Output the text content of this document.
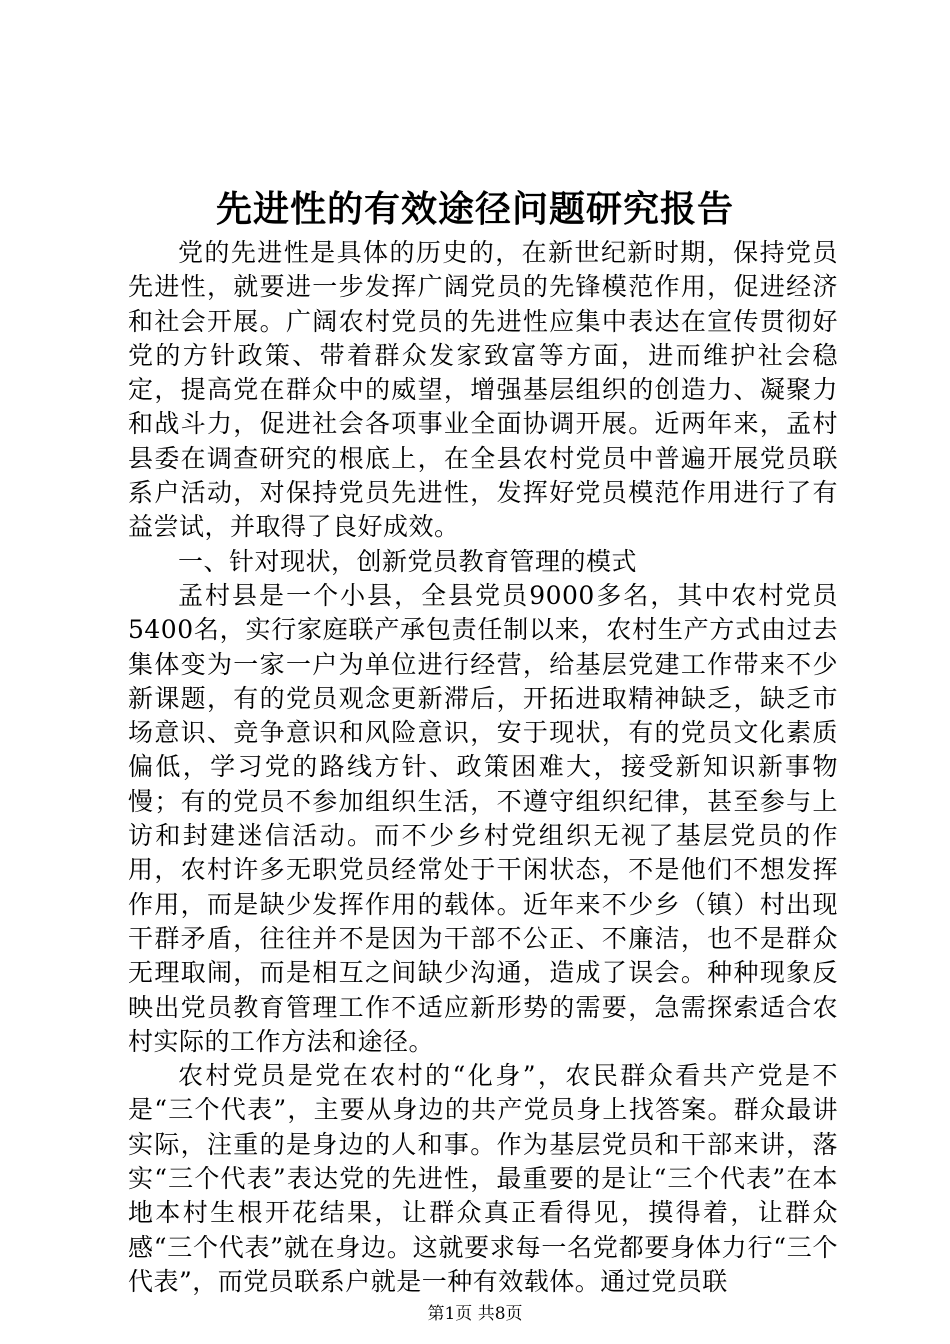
先进性的有效途径问题研究报告

党的先进性是具体的历史的，在新世纪新时期，保持党员先进性，就要进一步发挥广阔党员的先锋模范作用，促进经济和社会开展。广阔农村党员的先进性应集中表达在宣传贯彻好党的方针政策、带着群众发家致富等方面，进而维护社会稳定，提高党在群众中的威望，增强基层组织的创造力、凝聚力和战斗力，促进社会各项事业全面协调开展。近两年来，孟村县委在调查研究的根底上，在全县农村党员中普遍开展党员联系户活动，对保持党员先进性，发挥好党员模范作用进行了有益尝试，并取得了良好成效。

一、针对现状，创新党员教育管理的模式

孟村县是一个小县，全县党员9000多名，其中农村党员5400名，实行家庭联产承包责任制以来，农村生产方式由过去集体变为一家一户为单位进行经营，给基层党建工作带来不少新课题，有的党员观念更新滞后，开拓进取精神缺乏，缺乏市场意识、竞争意识和风险意识，安于现状，有的党员文化素质偏低，学习党的路线方针、政策困难大，接受新知识新事物慢；有的党员不参加组织生活，不遵守组织纪律，甚至参与上访和封建迷信活动。而不少乡村党组织无视了基层党员的作用，农村许多无职党员经常处于干闲状态，不是他们不想发挥作用，而是缺少发挥作用的载体。近年来不少乡（镇）村出现干群矛盾，往往并不是因为干部不公正、不廉洁，也不是群众无理取闹，而是相互之间缺少沟通，造成了误会。种种现象反映出党员教育管理工作不适应新形势的需要，急需探索适合农村实际的工作方法和途径。

农村党员是党在农村的“化身”，农民群众看共产党是不是“三个代表”，主要从身边的共产党员身上找答案。群众最讲实际，注重的是身边的人和事。作为基层党员和干部来讲，落实“三个代表”表达党的先进性，最重要的是让“三个代表”在本地本村生根开花结果，让群众真正看得见，摸得着，让群众感“三个代表”就在身边。这就要求每一名党都要身体力行“三个代表”，而党员联系户就是一种有效载体。通过党员联

第1页 共8页
